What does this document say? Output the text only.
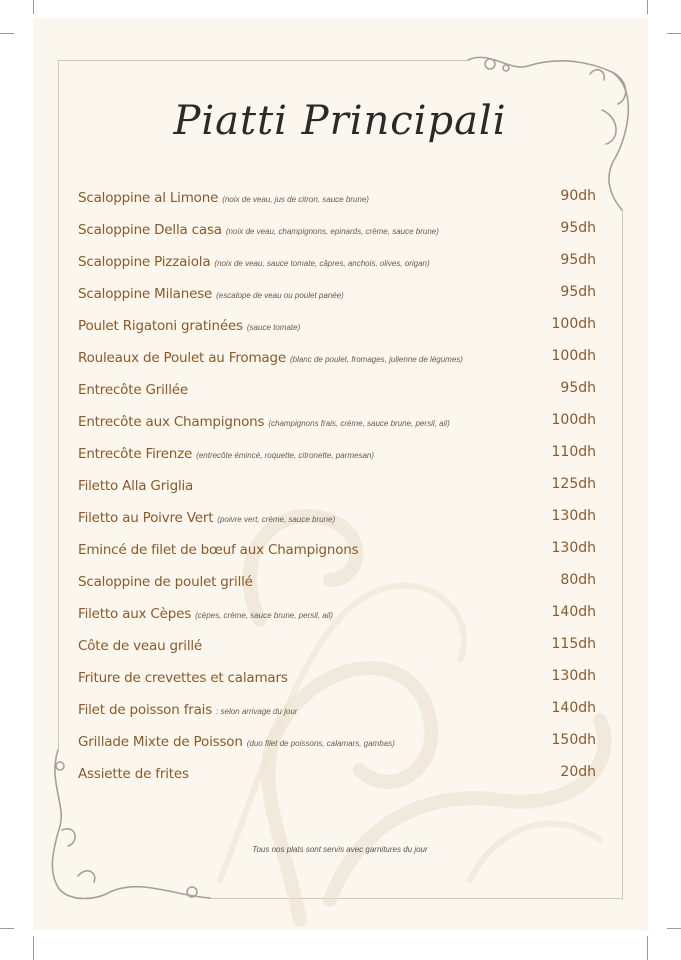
Piatti Principali
Scaloppine al Limone (noix de veau, jus de citron, sauce brune)	90dh
Scaloppine Della casa (noix de veau, champignons, epinards, crème, sauce brune)	95dh
Scaloppine Pizzaiola (noix de veau, sauce tomate, câpres, anchois, olives, origan)	95dh
Scaloppine Milanese (escalope de veau ou poulet panée)	95dh
Poulet Rigatoni gratinées (sauce tomate)	100dh
Rouleaux de Poulet au Fromage (blanc de poulet, fromages, julienne de légumes)	100dh
Entrecôte Grillée	95dh
Entrecôte aux Champignons (champignons frais, crème, sauce brune, persil, ail)	100dh
Entrecôte Firenze (entrecôte émincé, roquette, citronette, parmesan)	110dh
Filetto Alla Griglia	125dh
Filetto au Poivre Vert (poivre vert, crème, sauce brune)	130dh
Emincé de filet de bœuf aux Champignons	130dh
Scaloppine de poulet grillé	80dh
Filetto aux Cèpes (cèpes, crème, sauce brune, persil, ail)	140dh
Côte de veau grillé	115dh
Friture de crevettes et calamars	130dh
Filet de poisson frais : selon arrivage du jour	140dh
Grillade Mixte de Poisson (duo filet de poissons, calamars, gambas)	150dh
Assiette de frites	20dh
Tous nos plats sont servis avec garnitures du jour
